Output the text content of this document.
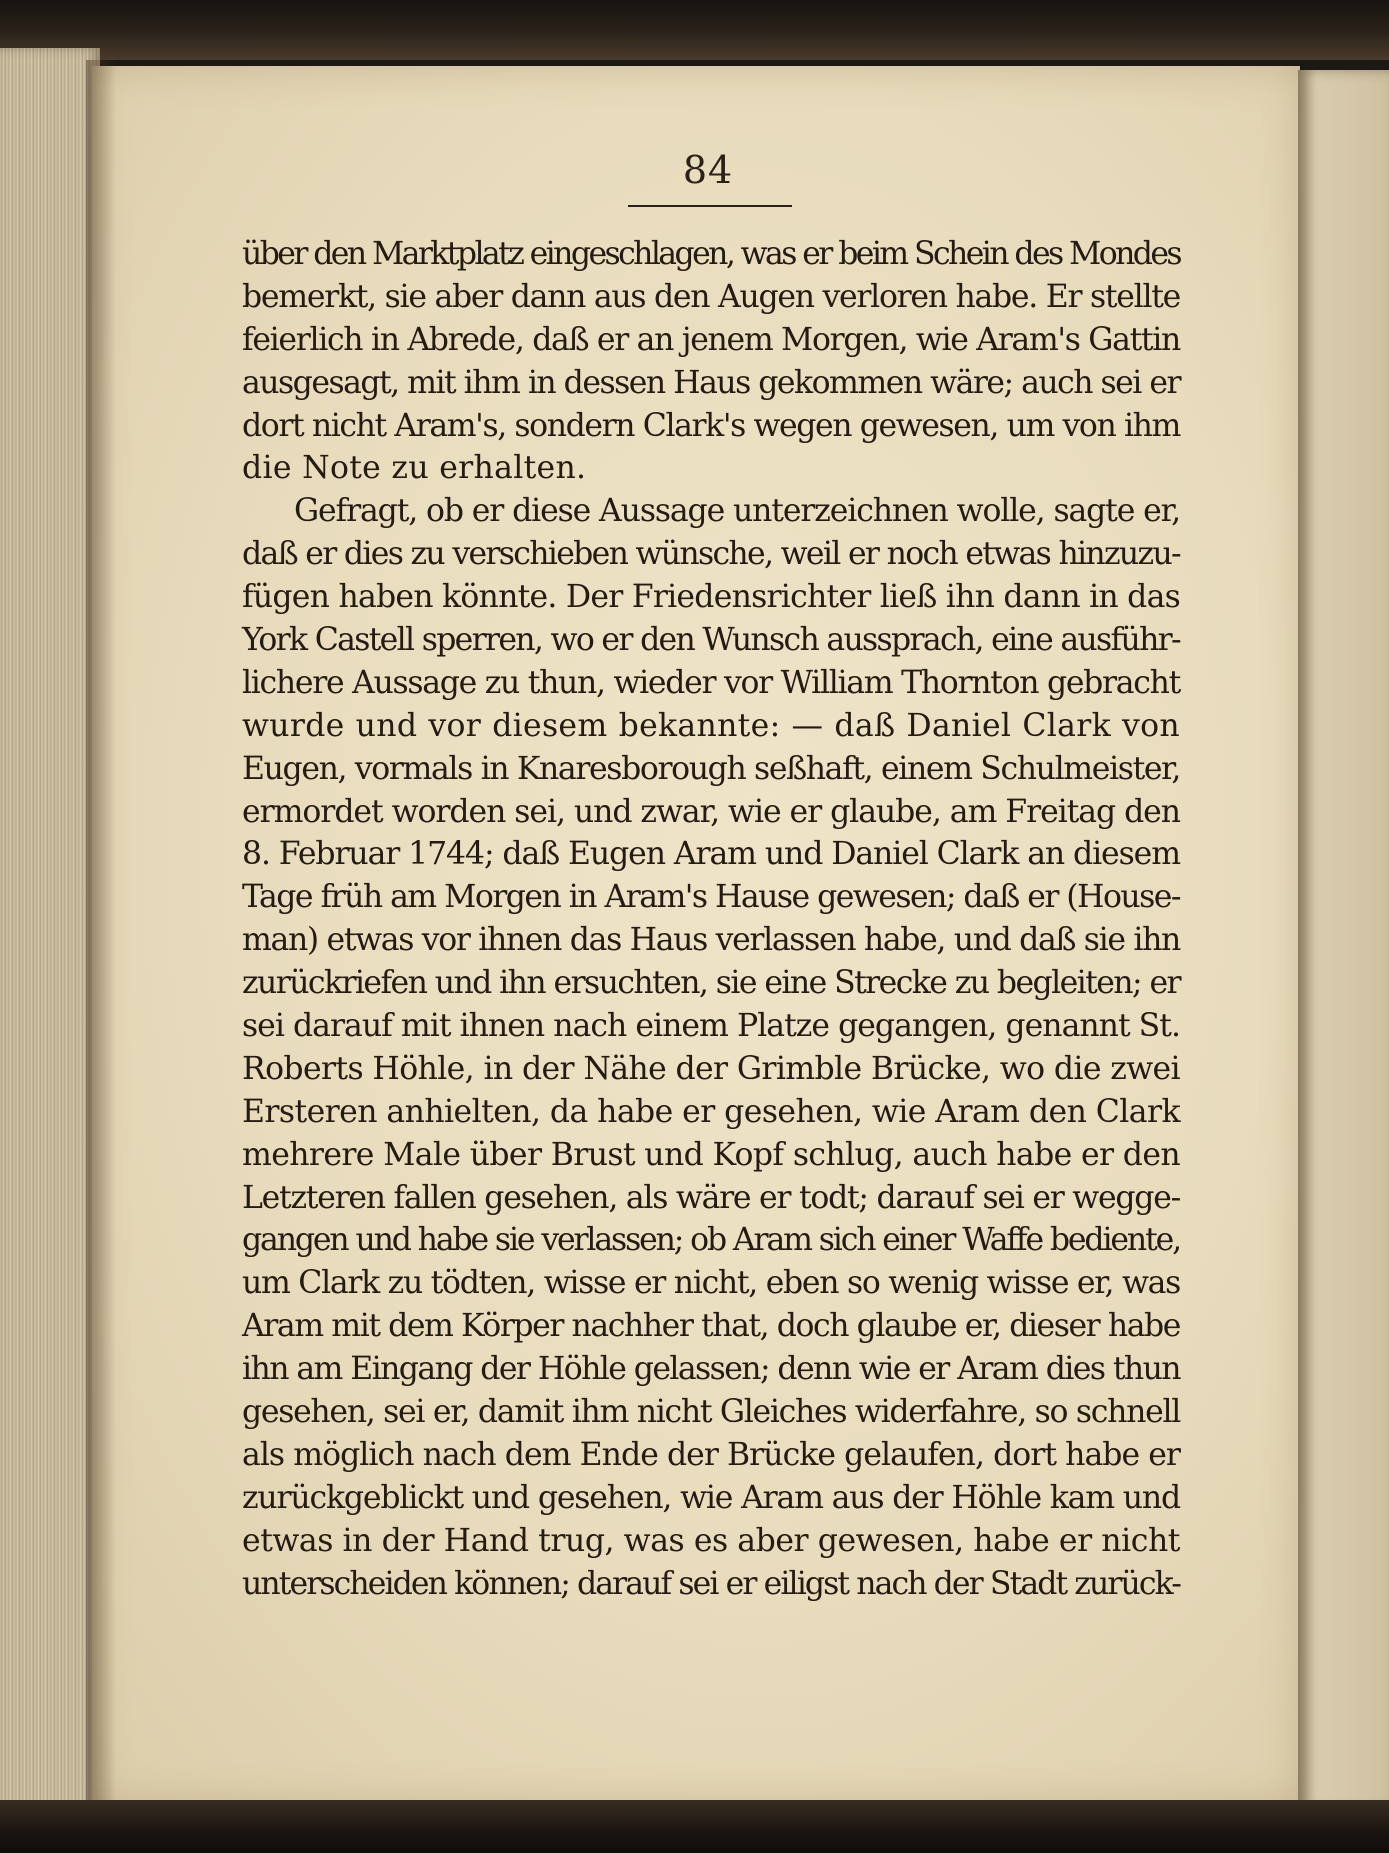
84
über den Marktplatz eingeschlagen, was er beim Schein des Mondes
bemerkt, sie aber dann aus den Augen verloren habe. Er stellte
feierlich in Abrede, daß er an jenem Morgen, wie Aram's Gattin
ausgesagt, mit ihm in dessen Haus gekommen wäre; auch sei er
dort nicht Aram's, sondern Clark's wegen gewesen, um von ihm
die Note zu erhalten.
Gefragt, ob er diese Aussage unterzeichnen wolle, sagte er,
daß er dies zu verschieben wünsche, weil er noch etwas hinzuzu-
fügen haben könnte. Der Friedensrichter ließ ihn dann in das
York Castell sperren, wo er den Wunsch aussprach, eine ausführ-
lichere Aussage zu thun, wieder vor William Thornton gebracht
wurde und vor diesem bekannte: — daß Daniel Clark von
Eugen, vormals in Knaresborough seßhaft, einem Schulmeister,
ermordet worden sei, und zwar, wie er glaube, am Freitag den
8. Februar 1744; daß Eugen Aram und Daniel Clark an diesem
Tage früh am Morgen in Aram's Hause gewesen; daß er (House-
man) etwas vor ihnen das Haus verlassen habe, und daß sie ihn
zurückriefen und ihn ersuchten, sie eine Strecke zu begleiten; er
sei darauf mit ihnen nach einem Platze gegangen, genannt St.
Roberts Höhle, in der Nähe der Grimble Brücke, wo die zwei
Ersteren anhielten, da habe er gesehen, wie Aram den Clark
mehrere Male über Brust und Kopf schlug, auch habe er den
Letzteren fallen gesehen, als wäre er todt; darauf sei er wegge-
gangen und habe sie verlassen; ob Aram sich einer Waffe bediente,
um Clark zu tödten, wisse er nicht, eben so wenig wisse er, was
Aram mit dem Körper nachher that, doch glaube er, dieser habe
ihn am Eingang der Höhle gelassen; denn wie er Aram dies thun
gesehen, sei er, damit ihm nicht Gleiches widerfahre, so schnell
als möglich nach dem Ende der Brücke gelaufen, dort habe er
zurückgeblickt und gesehen, wie Aram aus der Höhle kam und
etwas in der Hand trug, was es aber gewesen, habe er nicht
unterscheiden können; darauf sei er eiligst nach der Stadt zurück-
